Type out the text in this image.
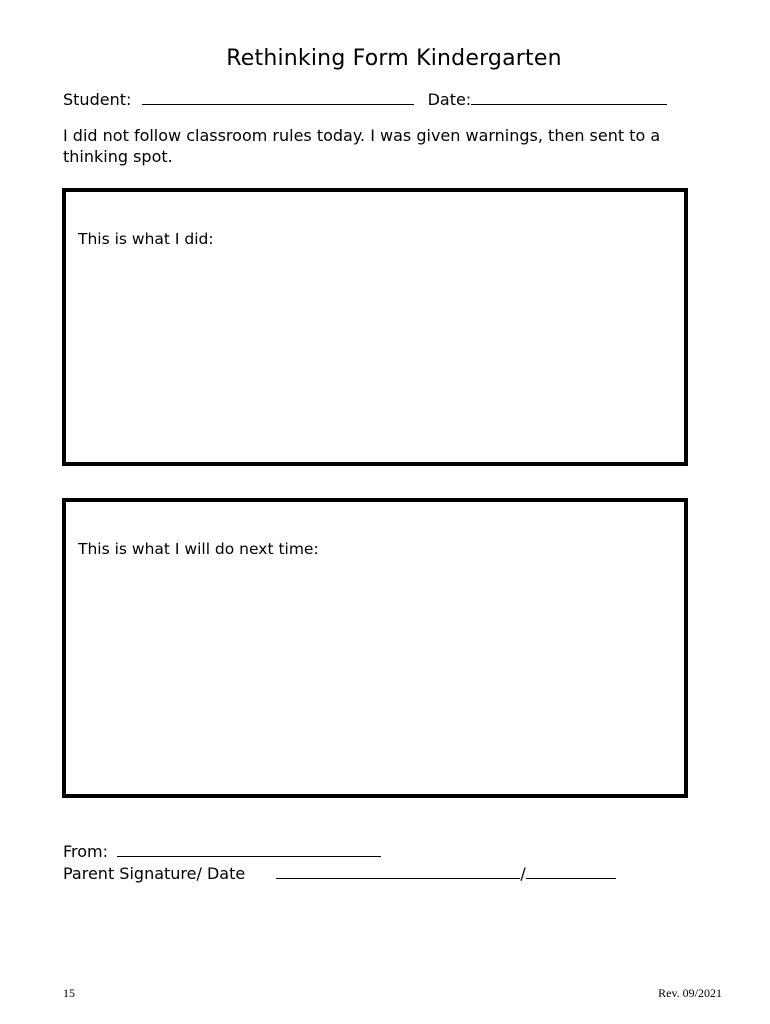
Rethinking Form Kindergarten
Student:	Date:
I did not follow classroom rules today. I was given warnings, then sent to a thinking spot.
This is what I did:
This is what I will do next time:
From:
Parent Signature/ Date	/
15	Rev. 09/2021
